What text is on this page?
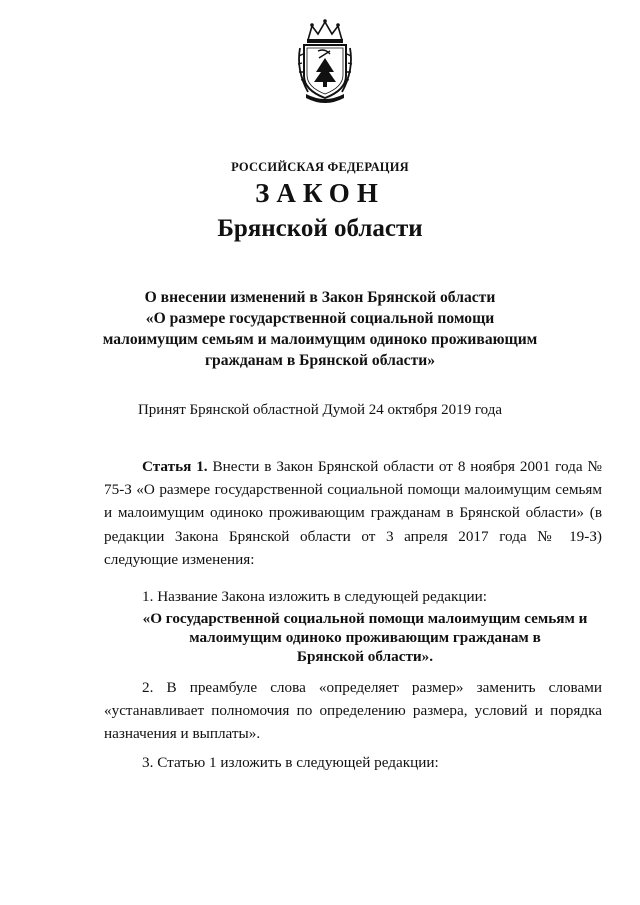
РОССИЙСКАЯ ФЕДЕРАЦИЯ
ЗАКОН
Брянской области
О внесении изменений в Закон Брянской области
«О размере государственной социальной помощи
малоимущим семьям и малоимущим одиноко проживающим
гражданам в Брянской области»
Принят Брянской областной Думой 24 октября 2019 года
Статья 1. Внести в Закон Брянской области от 8 ноября 2001 года № 75-З «О размере государственной социальной помощи малоимущим семьям и малоимущим одиноко проживающим гражданам в Брянской области» (в редакции Закона Брянской области от 3 апреля 2017 года № 19-З) следующие изменения:
1. Название Закона изложить в следующей редакции:
«О государственной социальной помощи малоимущим семьям и
малоимущим одиноко проживающим гражданам в
Брянской области».
2. В преамбуле слова «определяет размер» заменить словами «устанавливает полномочия по определению размера, условий и порядка назначения и выплаты».
3. Статью 1 изложить в следующей редакции:
